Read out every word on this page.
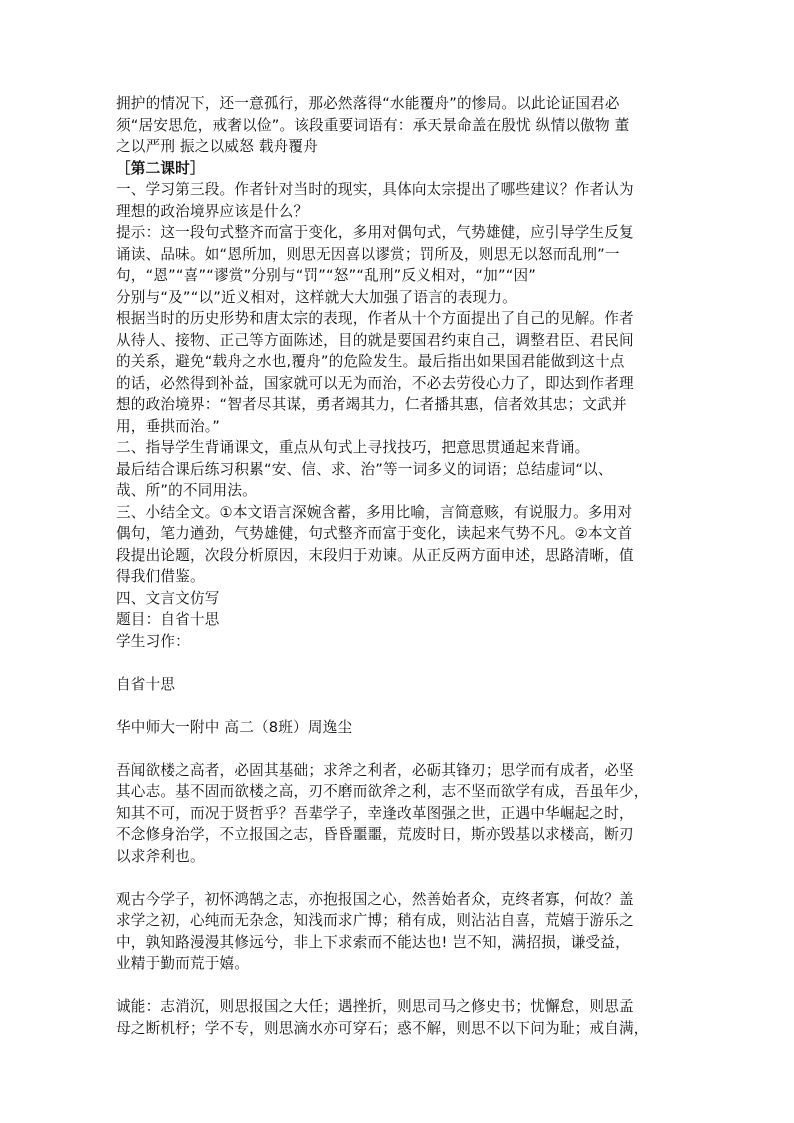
拥护的情况下，还一意孤行，那必然落得“水能覆舟”的惨局。以此论证国君必
须“居安思危，戒奢以俭”。该段重要词语有：承天景命盖在殷忧 纵情以傲物 董
之以严刑 振之以威怒 载舟覆舟
［第二课时］
一、学习第三段。作者针对当时的现实，具体向太宗提出了哪些建议？作者认为
理想的政治境界应该是什么？
提示：这一段句式整齐而富于变化，多用对偶句式，气势雄健，应引导学生反复
诵读、品味。如“恩所加，则思无因喜以谬赏；罚所及，则思无以怒而乱刑”一
句，“恩”“喜”“谬赏”分别与“罚”“怒”“乱刑”反义相对，“加”“因”
分别与“及”“以”近义相对，这样就大大加强了语言的表现力。
根据当时的历史形势和唐太宗的表现，作者从十个方面提出了自己的见解。作者
从待人、接物、正己等方面陈述，目的就是要国君约束自己，调整君臣、君民间
的关系，避免“载舟之水也,覆舟”的危险发生。最后指出如果国君能做到这十点
的话，必然得到补益，国家就可以无为而治，不必去劳役心力了，即达到作者理
想的政治境界：“智者尽其谋，勇者竭其力，仁者播其惠，信者效其忠；文武并
用，垂拱而治。”
二、指导学生背诵课文，重点从句式上寻找技巧，把意思贯通起来背诵。
最后结合课后练习积累“安、信、求、治”等一词多义的词语；总结虚词“以、
哉、所”的不同用法。
三、小结全文。①本文语言深婉含蓄，多用比喻，言简意赅，有说服力。多用对
偶句，笔力遒劲，气势雄健，句式整齐而富于变化，读起来气势不凡。②本文首
段提出论题，次段分析原因，末段归于劝谏。从正反两方面申述，思路清晰，值
得我们借鉴。
四、文言文仿写
题目：自省十思
学生习作：
自省十思
华中师大一附中 高二（8班）周逸尘
吾闻欲楼之高者，必固其基础；求斧之利者，必砺其锋刃；思学而有成者，必坚
其心志。基不固而欲楼之高，刃不磨而欲斧之利，志不坚而欲学有成，吾虽年少，
知其不可，而况于贤哲乎？吾辈学子，幸逢改革图强之世，正遇中华崛起之时，
不念修身治学，不立报国之志，昏昏噩噩，荒废时日，斯亦毁基以求楼高，断刃
以求斧利也。
观古今学子，初怀鸿鹄之志，亦抱报国之心，然善始者众，克终者寡，何故？盖
求学之初，心纯而无杂念，知浅而求广博；稍有成，则沾沾自喜，荒嬉于游乐之
中，孰知路漫漫其修远兮，非上下求索而不能达也! 岂不知，满招损，谦受益，
业精于勤而荒于嬉。
诚能：志消沉，则思报国之大任；遇挫折，则思司马之修史书；忧懈怠，则思孟
母之断机杼；学不专，则思滴水亦可穿石；惑不解，则思不以下问为耻；戒自满，
